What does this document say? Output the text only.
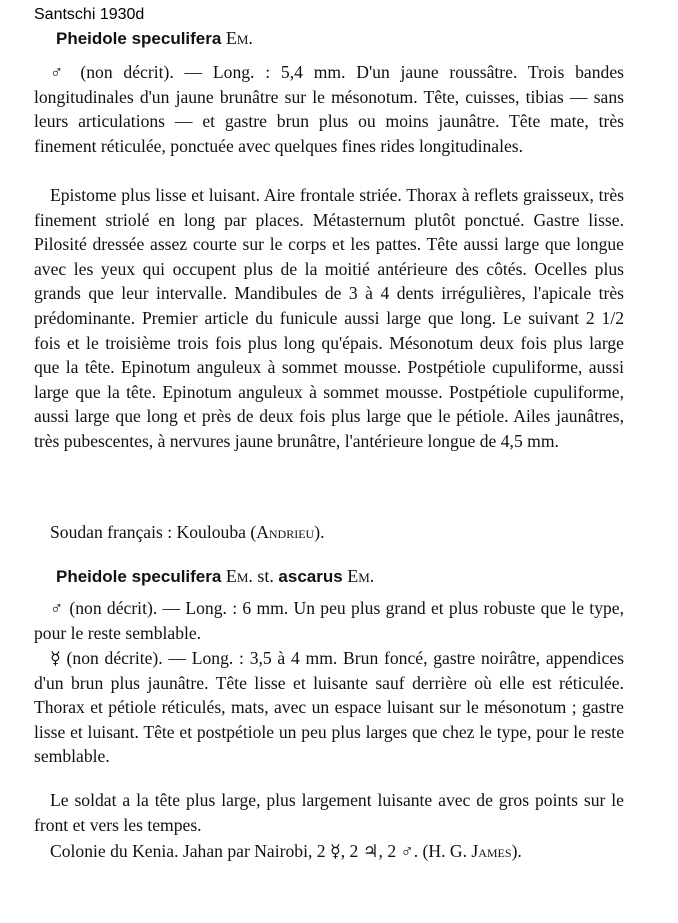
Santschi 1930d
Pheidole speculifera Em.

♂ (non décrit). — Long. : 5,4 mm. D'un jaune roussâtre. Trois bandes longitudinales d'un jaune brunâtre sur le mésonotum. Tête, cuisses, tibias — sans leurs articulations — et gastre brun plus ou moins jaunâtre. Tête mate, très finement réticulée, ponctuée avec quelques fines rides longitudinales.

Epistome plus lisse et luisant. Aire frontale striée. Thorax à reflets graisseux, très finement striolé en long par places. Métasternum plutôt ponctué. Gastre lisse. Pilosité dressée assez courte sur le corps et les pattes. Tête aussi large que longue avec les yeux qui occupent plus de la moitié antérieure des côtés. Ocelles plus grands que leur intervalle. Mandibules de 3 à 4 dents irrégulières, l'apicale très prédominante. Premier article du funicule aussi large que long. Le suivant 2 1/2 fois et le troisième trois fois plus long qu'épais. Mésonotum deux fois plus large que la tête. Epinotum anguleux à sommet mousse. Postpétiole cupuliforme, aussi large que la tête. Epinotum anguleux à sommet mousse. Postpétiole cupuliforme, aussi large que long et près de deux fois plus large que le pétiole. Ailes jaunâtres, très pubescentes, à nervures jaune brunâtre, l'antérieure longue de 4,5 mm.

Soudan français : Koulouba (Andrieu).

Pheidole speculifera Em. st. ascarus Em.

♂ (non décrit). — Long. : 6 mm. Un peu plus grand et plus robuste que le type, pour le reste semblable.

☿ (non décrite). — Long. : 3,5 à 4 mm. Brun foncé, gastre noirâtre, appendices d'un brun plus jaunâtre. Tête lisse et luisante sauf derrière où elle est réticulée. Thorax et pétiole réticulés, mats, avec un espace luisant sur le mésonotum ; gastre lisse et luisant. Tête et postpétiole un peu plus larges que chez le type, pour le reste semblable.

Le soldat a la tête plus large, plus largement luisante avec de gros points sur le front et vers les tempes.

Colonie du Kenia. Jahan par Nairobi, 2 ☿, 2 ♃, 2 ♂. (H. G. James).
